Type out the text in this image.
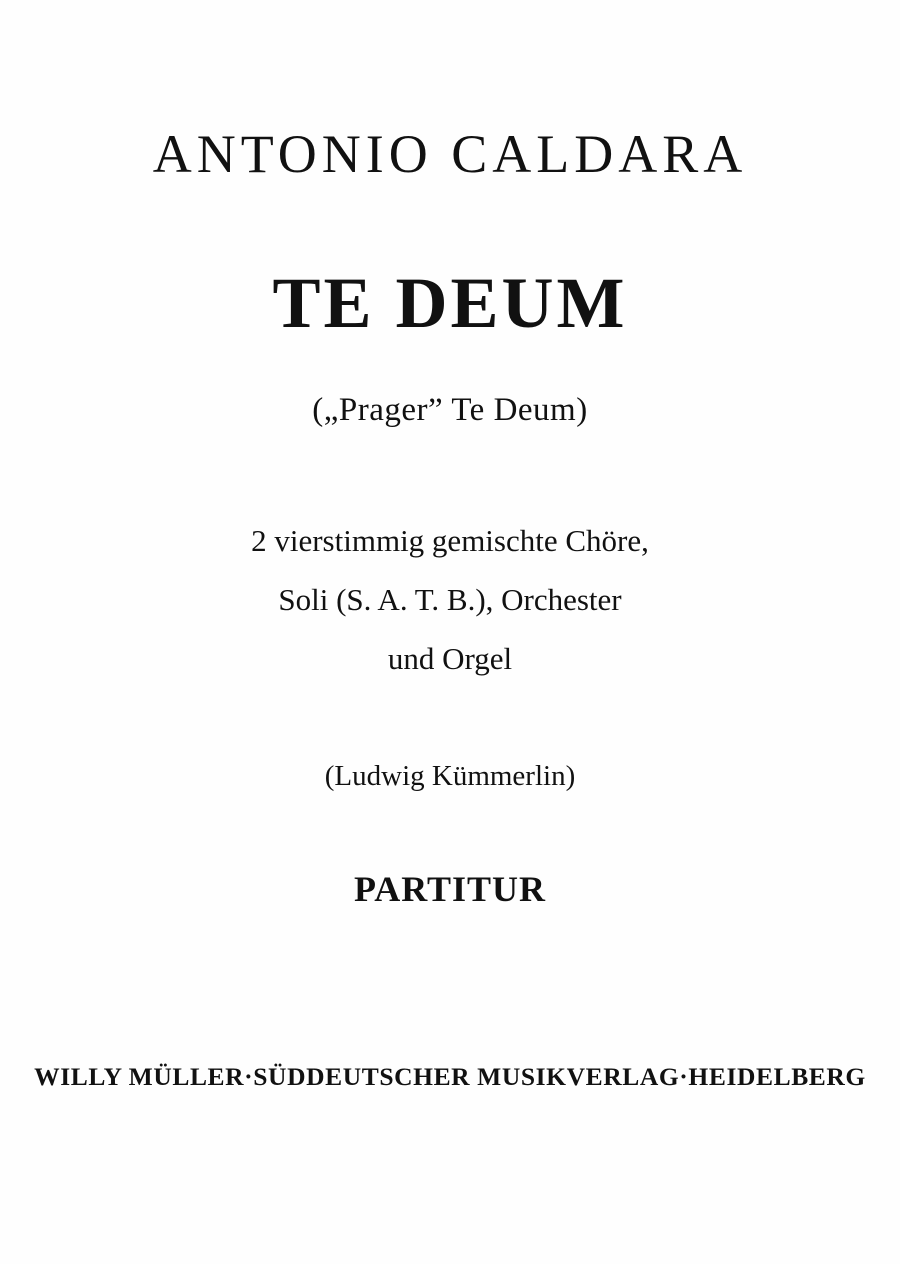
ANTONIO CALDARA
TE DEUM
(„Prager” Te Deum)
2 vierstimmig gemischte Chöre,
Soli (S. A. T. B.), Orchester
und Orgel
(Ludwig Kümmerlin)
PARTITUR
WILLY MÜLLER·SÜDDEUTSCHER MUSIKVERLAG·HEIDELBERG
